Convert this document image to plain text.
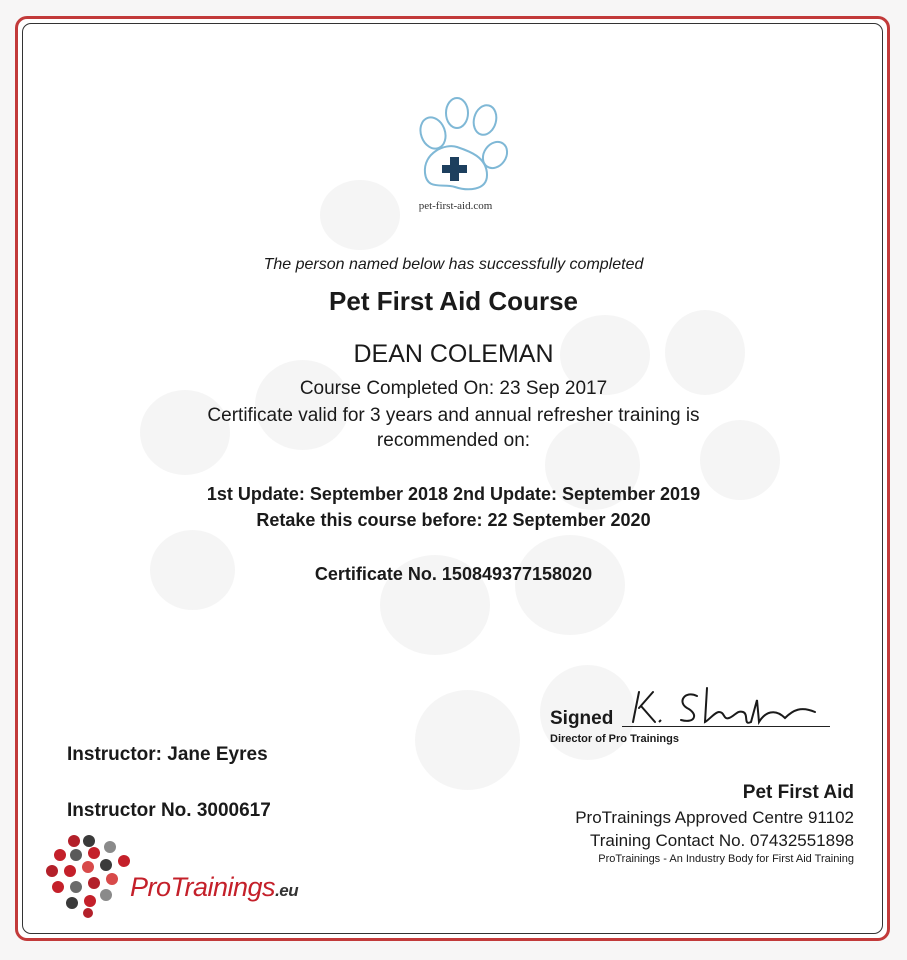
pet-first-aid.com
The person named below has successfully completed
Pet First Aid Course
DEAN COLEMAN
Course Completed On: 23 Sep 2017
Certificate valid for 3 years and annual refresher training is
recommended on:
1st Update: September 2018 2nd Update: September 2019
Retake this course before: 22 September 2020
Certificate No. 150849377158020
Signed
Director of Pro Trainings
Instructor: Jane Eyres
Instructor No. 3000617
Pet First Aid
ProTrainings Approved Centre 91102
Training Contact No. 07432551898
ProTrainings - An Industry Body for First Aid Training
ProTrainings.eu
